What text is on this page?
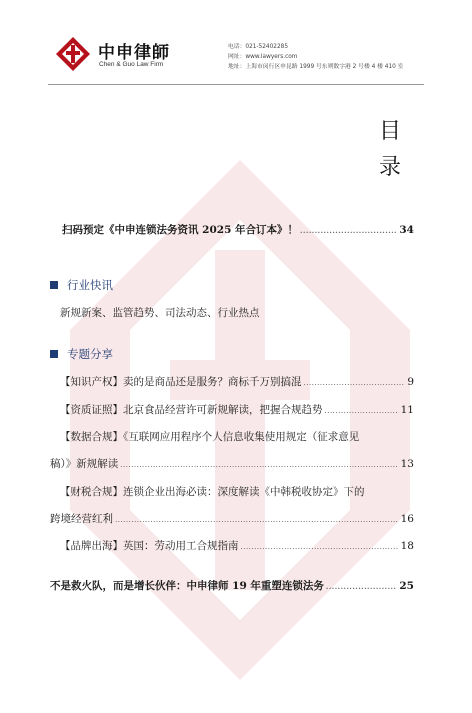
中申律師
Chen & Guo Law Firm
电话：021-52402285
网址：www.lawyers.com
地址：上海市闵行区申昆路 1999 号东朔数字港 2 号楼 4 楼 410 室
目
录
扫码预定《中申连锁法务资讯 2025 年合订本》！ .....	34
行业快讯
新规新案、监管趋势、司法动态、行业热点
专题分享
【知识产权】卖的是商品还是服务？商标千万别搞混 .....	9
【资质证照】北京食品经营许可新规解读，把握合规趋势 .....	11
【数据合规】《互联网应用程序个人信息收集使用规定（征求意见
稿）》新规解读 .....	13
【财税合规】连锁企业出海必读：深度解读《中韩税收协定》下的
跨境经营红利 .....	16
【品牌出海】英国：劳动用工合规指南 .....	18
不是救火队，而是增长伙伴：中申律师 19 年重塑连锁法务 .....	25
